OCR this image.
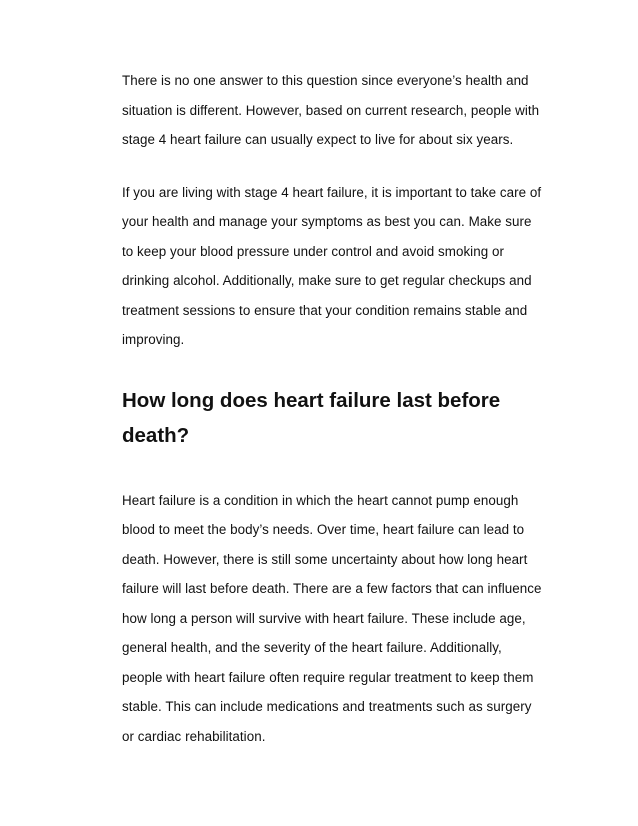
There is no one answer to this question since everyone’s health and
situation is different. However, based on current research, people with
stage 4 heart failure can usually expect to live for about six years.

If you are living with stage 4 heart failure, it is important to take care of
your health and manage your symptoms as best you can. Make sure
to keep your blood pressure under control and avoid smoking or
drinking alcohol. Additionally, make sure to get regular checkups and
treatment sessions to ensure that your condition remains stable and
improving.

How long does heart failure last before
death?

Heart failure is a condition in which the heart cannot pump enough
blood to meet the body’s needs. Over time, heart failure can lead to
death. However, there is still some uncertainty about how long heart
failure will last before death. There are a few factors that can influence
how long a person will survive with heart failure. These include age,
general health, and the severity of the heart failure. Additionally,
people with heart failure often require regular treatment to keep them
stable. This can include medications and treatments such as surgery
or cardiac rehabilitation.
